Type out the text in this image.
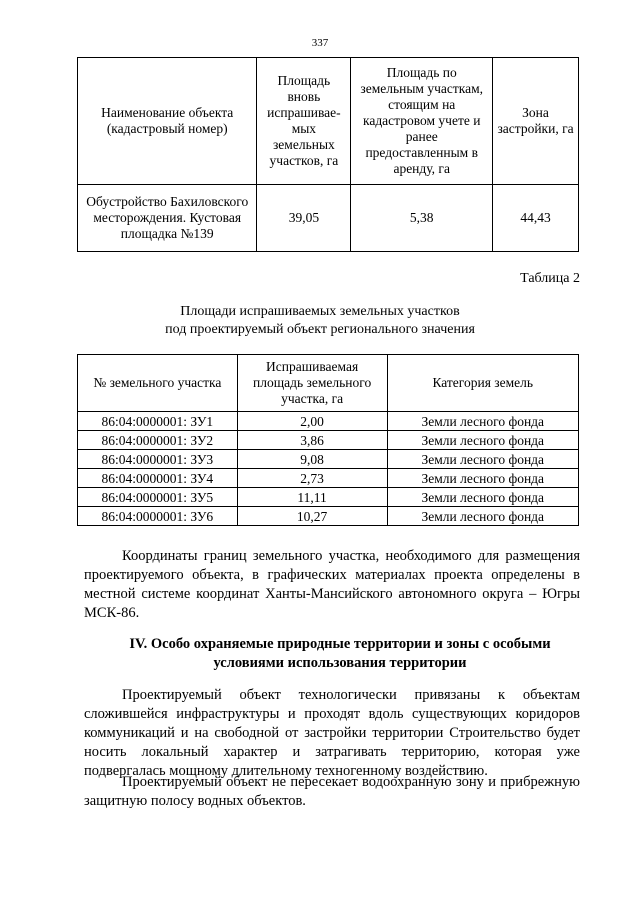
337
Наименование объекта (кадастровый номер)	Площадь вновь испрашивае-мых земельных участков, га	Площадь по земельным участкам, стоящим на кадастровом учете и ранее предоставленным в аренду, га	Зона застройки, га
Обустройство Бахиловского месторождения. Кустовая площадка №139	39,05	5,38	44,43
Таблица 2
Площади испрашиваемых земельных участков
под проектируемый объект регионального значения
№ земельного участка	Испрашиваемая площадь земельного участка, га	Категория земель
86:04:0000001: ЗУ1	2,00	Земли лесного фонда
86:04:0000001: ЗУ2	3,86	Земли лесного фонда
86:04:0000001: ЗУ3	9,08	Земли лесного фонда
86:04:0000001: ЗУ4	2,73	Земли лесного фонда
86:04:0000001: ЗУ5	11,11	Земли лесного фонда
86:04:0000001: ЗУ6	10,27	Земли лесного фонда

Координаты границ земельного участка, необходимого для размещения проектируемого объекта, в графических материалах проекта определены в местной системе координат Ханты-Мансийского автономного округа – Югры МСК-86.

IV. Особо охраняемые природные территории и зоны с особыми условиями использования территории

Проектируемый объект технологически привязаны к объектам сложившейся инфраструктуры и проходят вдоль существующих коридоров коммуникаций и на свободной от застройки территории Строительство будет носить локальный характер и затрагивать территорию, которая уже подвергалась мощному длительному техногенному воздействию.

Проектируемый объект не пересекает водоохранную зону и прибрежную защитную полосу водных объектов.
